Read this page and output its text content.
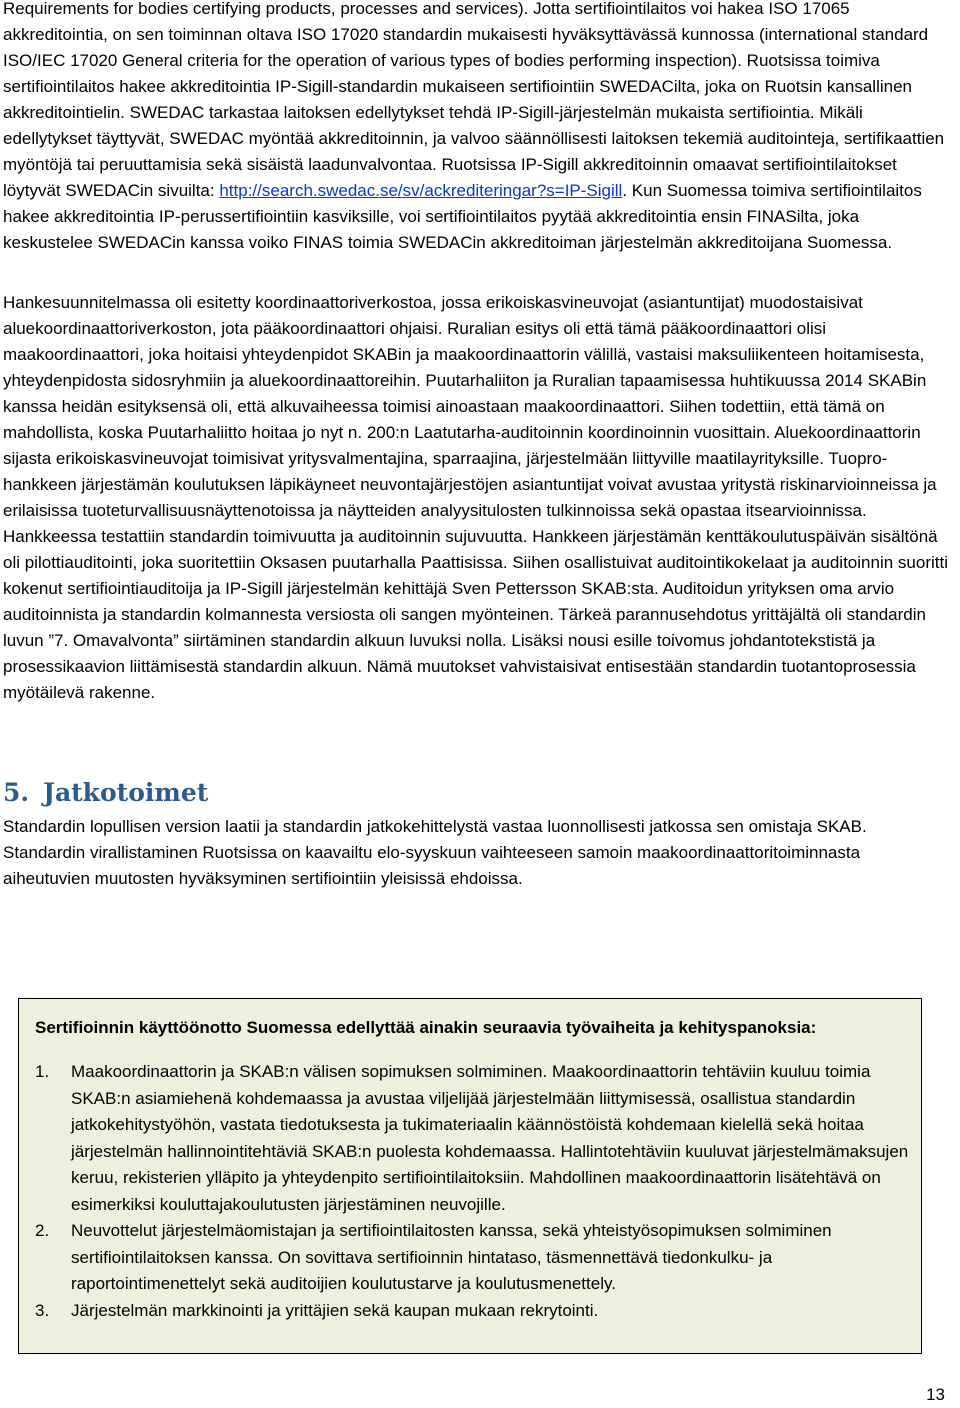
Requirements for bodies certifying products, processes and services). Jotta sertifiointilaitos voi hakea ISO 17065 akkreditointia, on sen toiminnan oltava ISO 17020 standardin mukaisesti hyväksyttävässä kunnossa (international standard ISO/IEC 17020 General criteria for the operation of various types of bodies performing inspection). Ruotsissa toimiva sertifiointilaitos hakee akkreditointia IP-Sigill-standardin mukaiseen sertifiointiin SWEDACilta, joka on Ruotsin kansallinen akkreditointielin. SWEDAC tarkastaa laitoksen edellytykset tehdä IP-Sigill-järjestelmän mukaista sertifiointia. Mikäli edellytykset täyttyvät, SWEDAC myöntää akkreditoinnin, ja valvoo säännöllisesti laitoksen tekemiä auditointeja, sertifikaattien myöntöjä tai peruuttamisia sekä sisäistä laadunvalvontaa. Ruotsissa IP-Sigill akkreditoinnin omaavat sertifiointilaitokset löytyvät SWEDACin sivuilta: http://search.swedac.se/sv/ackrediteringar?s=IP-Sigill. Kun Suomessa toimiva sertifiointilaitos hakee akkreditointia IP-perussertifiointiin kasviksille, voi sertifiointilaitos pyytää akkreditointia ensin FINASilta, joka keskustelee SWEDACin kanssa voiko FINAS toimia SWEDACin akkreditoiman järjestelmän akkreditoijana Suomessa.

Hankesuunnitelmassa oli esitetty koordinaattoriverkostoa, jossa erikoiskasvineuvojat (asiantuntijat) muodostaisivat aluekoordinaattoriverkoston, jota pääkoordinaattori ohjaisi. Ruralian esitys oli että tämä pääkoordinaattori olisi maakoordinaattori, joka hoitaisi yhteydenpidot SKABin ja maakoordinaattorin välillä, vastaisi maksuliikenteen hoitamisesta, yhteydenpidosta sidosryhmiin ja aluekoordinaattoreihin. Puutarhaliiton ja Ruralian tapaamisessa huhtikuussa 2014 SKABin kanssa heidän esityksensä oli, että alkuvaiheessa toimisi ainoastaan maakoordinaattori. Siihen todettiin, että tämä on mahdollista, koska Puutarhaliitto hoitaa jo nyt n. 200:n Laatutarha-auditoinnin koordinoinnin vuosittain. Aluekoordinaattorin sijasta erikoiskasvineuvojat toimisivat yritysvalmentajina, sparraajina, järjestelmään liittyville maatilayrityksille. Tuopro-hankkeen järjestämän koulutuksen läpikäyneet neuvontajärjestöjen asiantuntijat voivat avustaa yritystä riskinarvioinneissa ja erilaisissa tuoteturvallisuusnäyttenotoissa ja näytteiden analyysitulosten tulkinnoissa sekä opastaa itsearvioinnissa. Hankkeessa testattiin standardin toimivuutta ja auditoinnin sujuvuutta. Hankkeen järjestämän kenttäkoulutuspäivän sisältönä oli pilottiauditointi, joka suoritettiin Oksasen puutarhalla Paattisissa. Siihen osallistuivat auditointikokelaat ja auditoinnin suoritti kokenut sertifiointiauditoija ja IP-Sigill järjestelmän kehittäjä Sven Pettersson SKAB:sta. Auditoidun yrityksen oma arvio auditoinnista ja standardin kolmannesta versiosta oli sangen myönteinen. Tärkeä parannusehdotus yrittäjältä oli standardin luvun ”7. Omavalvonta” siirtäminen standardin alkuun luvuksi nolla. Lisäksi nousi esille toivomus johdantotekstistä ja prosessikaavion liittämisestä standardin alkuun. Nämä muutokset vahvistaisivat entisestään standardin tuotantoprosessia myötäilevä rakenne.

5. Jatkotoimet

Standardin lopullisen version laatii ja standardin jatkokehittelystä vastaa luonnollisesti jatkossa sen omistaja SKAB. Standardin virallistaminen Ruotsissa on kaavailtu elo-syyskuun vaihteeseen samoin maakoordinaattoritoiminnasta aiheutuvien muutosten hyväksyminen sertifiointiin yleisissä ehdoissa.

Sertifioinnin käyttöönotto Suomessa edellyttää ainakin seuraavia työvaiheita ja kehityspanoksia:
1. Maakoordinaattorin ja SKAB:n välisen sopimuksen solmiminen. Maakoordinaattorin tehtäviin kuuluu toimia SKAB:n asiamiehenä kohdemaassa ja avustaa viljelijää järjestelmään liittymisessä, osallistua standardin jatkokehitystyöhön, vastata tiedotuksesta ja tukimateriaalin käännöstöistä kohdemaan kielellä sekä hoitaa järjestelmän hallinnointitehtäviä SKAB:n puolesta kohdemaassa. Hallintotehtäviin kuuluvat järjestelmämaksujen keruu, rekisterien ylläpito ja yhteydenpito sertifiointilaitoksiin. Mahdollinen maakoordinaattorin lisätehtävä on esimerkiksi kouluttajakoulutusten järjestäminen neuvojille.
2. Neuvottelut järjestelmäomistajan ja sertifiointilaitosten kanssa, sekä yhteistyösopimuksen solmiminen sertifiointilaitoksen kanssa. On sovittava sertifioinnin hintataso, täsmennettävä tiedonkulku- ja raportointimenettelyt sekä auditoijien koulutustarve ja koulutusmenettely.
3. Järjestelmän markkinointi ja yrittäjien sekä kaupan mukaan rekrytointi.
13
